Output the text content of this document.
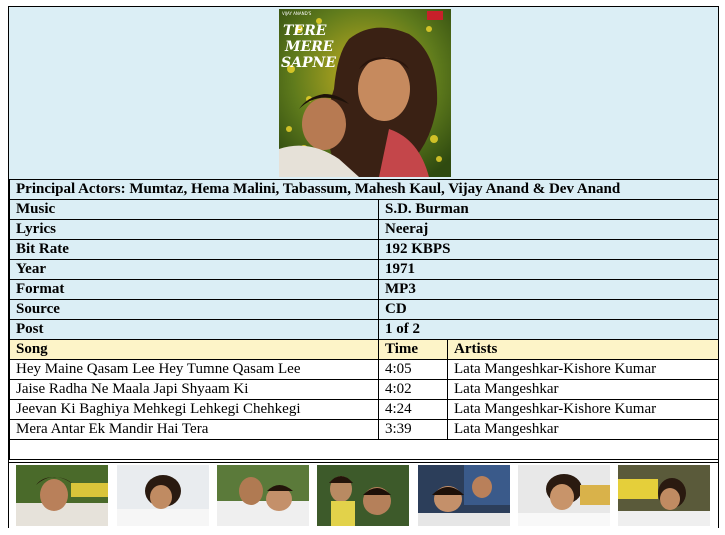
VIJAY ANAND'S
TERE
MERE
SAPNE
Principal Actors: Mumtaz, Hema Malini, Tabassum, Mahesh Kaul, Vijay Anand & Dev Anand		
Music	S.D. Burman	
Lyrics	Neeraj	
Bit Rate	192 KBPS	
Year	1971	
Format	MP3	
Source	CD	
Post	1 of 2	
Song	Time	Artists
Hey Maine Qasam Lee Hey Tumne Qasam Lee	4:05	Lata Mangeshkar-Kishore Kumar
Jaise Radha Ne Maala Japi Shyaam Ki	4:02	Lata Mangeshkar
Jeevan Ki Baghiya Mehkegi Lehkegi Chehkegi	4:24	Lata Mangeshkar-Kishore Kumar
Mera Antar Ek Mandir Hai Tera	3:39	Lata Mangeshkar
